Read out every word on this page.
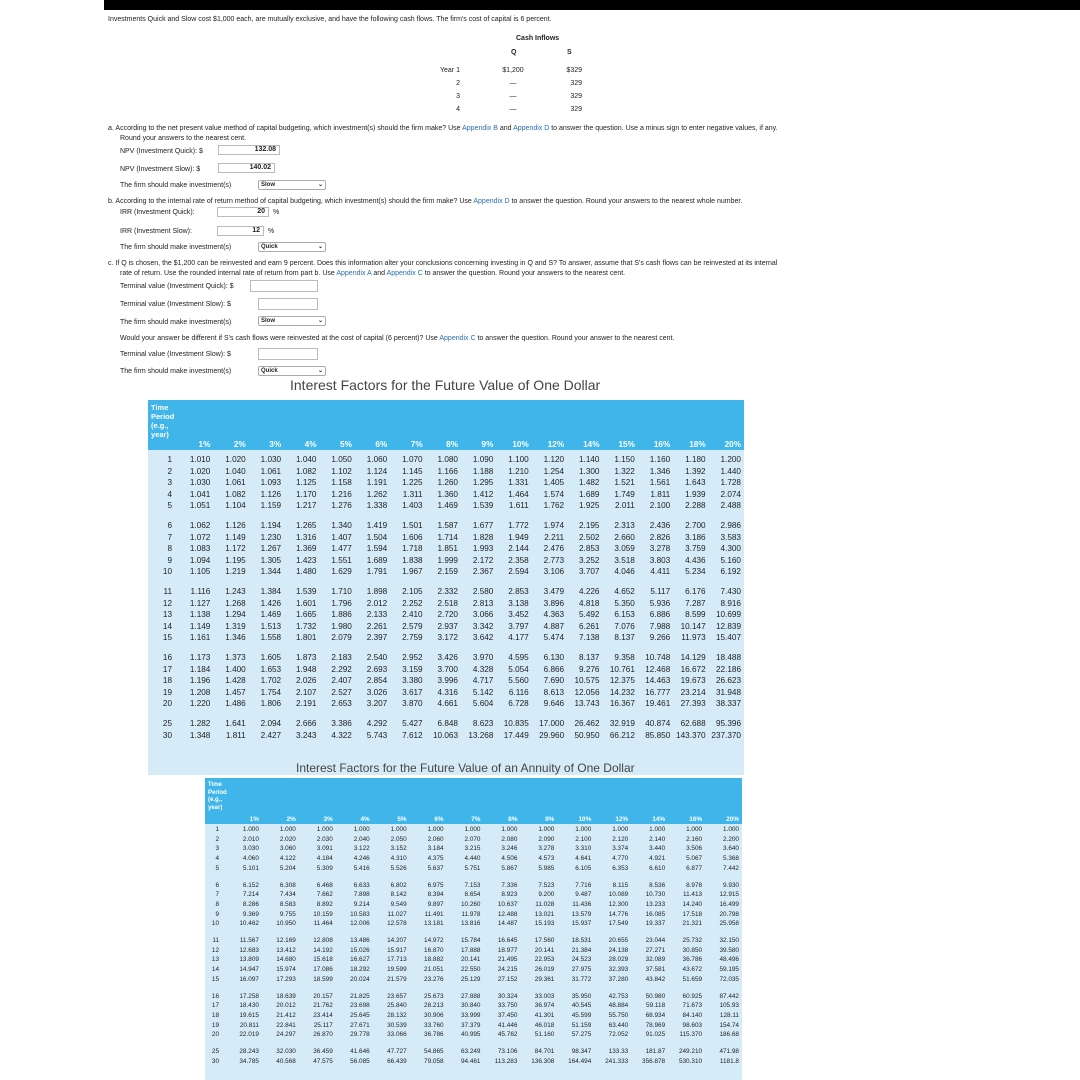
Investments Quick and Slow cost $1,000 each, are mutually exclusive, and have the following cash flows. The firm's cost of capital is 6 percent.
Cash Inflows
Q	S
Year 1	$1,200	$329
2	—	329
3	—	329
4	—	329
a. According to the net present value method of capital budgeting, which investment(s) should the firm make? Use Appendix B and Appendix D to answer the question. Use a minus sign to enter negative values, if any.
Round your answers to the nearest cent.
NPV (Investment Quick): $	132.08
NPV (Investment Slow): $	140.02
The firm should make investment(s)	Slow	⌄
b. According to the internal rate of return method of capital budgeting, which investment(s) should the firm make? Use Appendix D to answer the question. Round your answers to the nearest whole number.
IRR (Investment Quick):	20	%
IRR (Investment Slow):	12	%
The firm should make investment(s)	Quick	⌄
c. If Q is chosen, the $1,200 can be reinvested and earn 9 percent. Does this information alter your conclusions concerning investing in Q and S? To answer, assume that S's cash flows can be reinvested at its internal
rate of return. Use the rounded internal rate of return from part b. Use Appendix A and Appendix C to answer the question. Round your answers to the nearest cent.
Terminal value (Investment Quick): $
Terminal value (Investment Slow): $
The firm should make investment(s)	Slow	⌄
Would your answer be different if S's cash flows were reinvested at the cost of capital (6 percent)? Use Appendix C to answer the question. Round your answer to the nearest cent.
Terminal value (Investment Slow): $
The firm should make investment(s)	Quick	⌄
Interest Factors for the Future Value of One Dollar
Time
Period
(e.g.,
year)
1%	2%	3%	4%	5%	6%	7%	8%	9%	10%	12%	14%	15%	16%	18%	20%
1	1.010	1.020	1.030	1.040	1.050	1.060	1.070	1.080	1.090	1.100	1.120	1.140	1.150	1.160	1.180	1.200
2	1.020	1.040	1.061	1.082	1.102	1.124	1.145	1.166	1.188	1.210	1.254	1.300	1.322	1.346	1.392	1.440
3	1.030	1.061	1.093	1.125	1.158	1.191	1.225	1.260	1.295	1.331	1.405	1.482	1.521	1.561	1.643	1.728
4	1.041	1.082	1.126	1.170	1.216	1.262	1.311	1.360	1.412	1.464	1.574	1.689	1.749	1.811	1.939	2.074
5	1.051	1.104	1.159	1.217	1.276	1.338	1.403	1.469	1.539	1.611	1.762	1.925	2.011	2.100	2.288	2.488
6	1.062	1.126	1.194	1.265	1.340	1.419	1.501	1.587	1.677	1.772	1.974	2.195	2.313	2.436	2.700	2.986
7	1.072	1.149	1.230	1.316	1.407	1.504	1.606	1.714	1.828	1.949	2.211	2.502	2.660	2.826	3.186	3.583
8	1.083	1.172	1.267	1.369	1.477	1.594	1.718	1.851	1.993	2.144	2.476	2.853	3.059	3.278	3.759	4.300
9	1.094	1.195	1.305	1.423	1.551	1.689	1.838	1.999	2.172	2.358	2.773	3.252	3.518	3.803	4.436	5.160
10	1.105	1.219	1.344	1.480	1.629	1.791	1.967	2.159	2.367	2.594	3.106	3.707	4.046	4.411	5.234	6.192
11	1.116	1.243	1.384	1.539	1.710	1.898	2.105	2.332	2.580	2.853	3.479	4.226	4.652	5.117	6.176	7.430
12	1.127	1.268	1.426	1.601	1.796	2.012	2.252	2.518	2.813	3.138	3.896	4.818	5.350	5.936	7.287	8.916
13	1.138	1.294	1.469	1.665	1.886	2.133	2.410	2.720	3.066	3.452	4.363	5.492	6.153	6.886	8.599	10.699
14	1.149	1.319	1.513	1.732	1.980	2.261	2.579	2.937	3.342	3.797	4.887	6.261	7.076	7.988	10.147	12.839
15	1.161	1.346	1.558	1.801	2.079	2.397	2.759	3.172	3.642	4.177	5.474	7.138	8.137	9.266	11.973	15.407
16	1.173	1.373	1.605	1.873	2.183	2.540	2.952	3.426	3.970	4.595	6.130	8.137	9.358	10.748	14.129	18.488
17	1.184	1.400	1.653	1.948	2.292	2.693	3.159	3.700	4.328	5.054	6.866	9.276	10.761	12.468	16.672	22.186
18	1.196	1.428	1.702	2.026	2.407	2.854	3.380	3.996	4.717	5.560	7.690	10.575	12.375	14.463	19.673	26.623
19	1.208	1.457	1.754	2.107	2.527	3.026	3.617	4.316	5.142	6.116	8.613	12.056	14.232	16.777	23.214	31.948
20	1.220	1.486	1.806	2.191	2.653	3.207	3.870	4.661	5.604	6.728	9.646	13.743	16.367	19.461	27.393	38.337
25	1.282	1.641	2.094	2.666	3.386	4.292	5.427	6.848	8.623	10.835	17.000	26.462	32.919	40.874	62.688	95.396
30	1.348	1.811	2.427	3.243	4.322	5.743	7.612	10.063	13.268	17.449	29.960	50.950	66.212	85.850 143.370 237.370
Interest Factors for the Future Value of an Annuity of One Dollar
Time
Period
(e.g.,
year)
1%	2%	3%	4%	5%	6%	7%	8%	9%	10%	12%	14%	16%	20%
1	1.000	1.000	1.000	1.000	1.000	1.000	1.000	1.000	1.000	1.000	1.000	1.000	1.000	1.000
2	2.010	2.020	2.030	2.040	2.050	2.060	2.070	2.080	2.090	2.100	2.120	2.140	2.160	2.200
3	3.030	3.060	3.091	3.122	3.152	3.184	3.215	3.246	3.278	3.310	3.374	3.440	3.506	3.640
4	4.060	4.122	4.184	4.246	4.310	4.375	4.440	4.506	4.573	4.641	4.770	4.921	5.067	5.368
5	5.101	5.204	5.309	5.416	5.526	5.637	5.751	5.867	5.985	6.105	6.353	6.610	6.877	7.442
6	6.152	6.308	6.468	6.633	6.802	6.975	7.153	7.336	7.523	7.716	8.115	8.536	8.978	9.930
7	7.214	7.434	7.662	7.898	8.142	8.394	8.654	8.923	9.200	9.487	10.089	10.730	11.413	12.915
8	8.286	8.583	8.892	9.214	9.549	9.897	10.260	10.637	11.028	11.436	12.300	13.233	14.240	16.499
9	9.369	9.755	10.159	10.583	11.027	11.491	11.978	12.488	13.021	13.579	14.776	16.085	17.518	20.798
10	10.462	10.950	11.464	12.006	12.578	13.181	13.816	14.487	15.193	15.937	17.549	19.337	21.321	25.958
11	11.567	12.169	12.808	13.486	14.207	14.972	15.784	16.645	17.560	18.531	20.655	23.044	25.732	32.150
12	12.683	13.412	14.192	15.026	15.917	16.870	17.888	18.977	20.141	21.384	24.138	27.271	30.850	39.580
13	13.809	14.680	15.618	16.627	17.713	18.882	20.141	21.495	22.953	24.523	28.029	32.089	36.786	48.496
14	14.947	15.974	17.086	18.292	19.599	21.051	22.550	24.215	26.019	27.975	32.393	37.581	43.672	59.195
15	16.097	17.293	18.599	20.024	21.579	23.276	25.129	27.152	29.361	31.772	37.280	43.842	51.659	72.035
16	17.258	18.639	20.157	21.825	23.657	25.673	27.888	30.324	33.003	35.950	42.753	50.980	60.925	87.442
17	18.430	20.012	21.762	23.698	25.840	28.213	30.840	33.750	36.974	40.545	48.884	59.118	71.673	105.93
18	19.615	21.412	23.414	25.645	28.132	30.906	33.999	37.450	41.301	45.599	55.750	68.934	84.140	128.11
19	20.811	22.841	25.117	27.671	30.539	33.760	37.379	41.446	46.018	51.159	63.440	78.969	98.603	154.74
20	22.019	24.297	26.870	29.778	33.066	36.786	40.995	45.762	51.160	57.275	72.052	91.025	115.370	186.68
25	28.243	32.030	36.459	41.646	47.727	54.865	63.249	73.106	84.701	98.347	133.33	181.87	249.210	471.98
30	34.785	40.568	47.575	56.085	66.439	79.058	94.461	113.283	136.308	164.494	241.333	356.878	530.310	1181.8
